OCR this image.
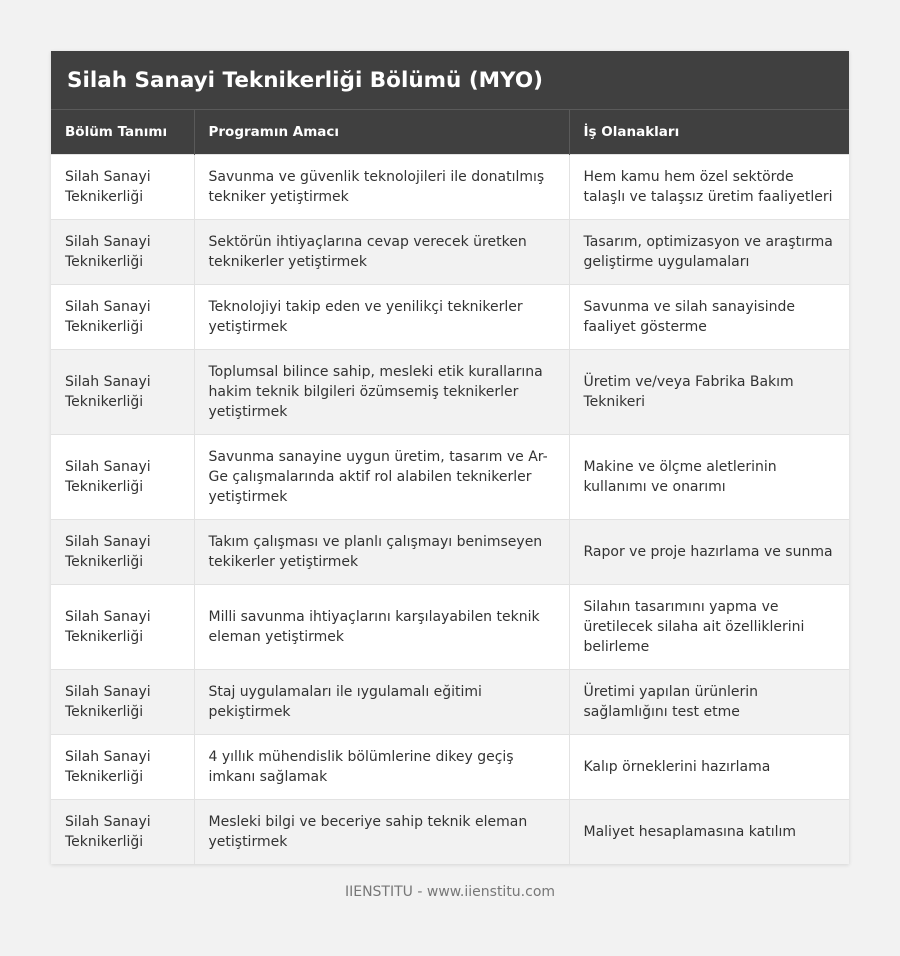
Silah Sanayi Teknikerliği Bölümü (MYO)
Bölüm Tanımı	Programın Amacı	İş Olanakları
Silah Sanayi Teknikerliği	Savunma ve güvenlik teknolojileri ile donatılmış tekniker yetiştirmek	Hem kamu hem özel sektörde talaşlı ve talaşsız üretim faaliyetleri
Silah Sanayi Teknikerliği	Sektörün ihtiyaçlarına cevap verecek üretken teknikerler yetiştirmek	Tasarım, optimizasyon ve araştırma geliştirme uygulamaları
Silah Sanayi Teknikerliği	Teknolojiyi takip eden ve yenilikçi teknikerler yetiştirmek	Savunma ve silah sanayisinde faaliyet gösterme
Silah Sanayi Teknikerliği	Toplumsal bilince sahip, mesleki etik kurallarına hakim teknik bilgileri özümsemiş teknikerler yetiştirmek	Üretim ve/veya Fabrika Bakım Teknikeri
Silah Sanayi Teknikerliği	Savunma sanayine uygun üretim, tasarım ve Ar-Ge çalışmalarında aktif rol alabilen teknikerler yetiştirmek	Makine ve ölçme aletlerinin kullanımı ve onarımı
Silah Sanayi Teknikerliği	Takım çalışması ve planlı çalışmayı benimseyen tekikerler yetiştirmek	Rapor ve proje hazırlama ve sunma
Silah Sanayi Teknikerliği	Milli savunma ihtiyaçlarını karşılayabilen teknik eleman yetiştirmek	Silahın tasarımını yapma ve üretilecek silaha ait özelliklerini belirleme
Silah Sanayi Teknikerliği	Staj uygulamaları ile ıygulamalı eğitimi pekiştirmek	Üretimi yapılan ürünlerin sağlamlığını test etme
Silah Sanayi Teknikerliği	4 yıllık mühendislik bölümlerine dikey geçiş imkanı sağlamak	Kalıp örneklerini hazırlama
Silah Sanayi Teknikerliği	Mesleki bilgi ve beceriye sahip teknik eleman yetiştirmek	Maliyet hesaplamasına katılım
IIENSTITU - www.iienstitu.com
